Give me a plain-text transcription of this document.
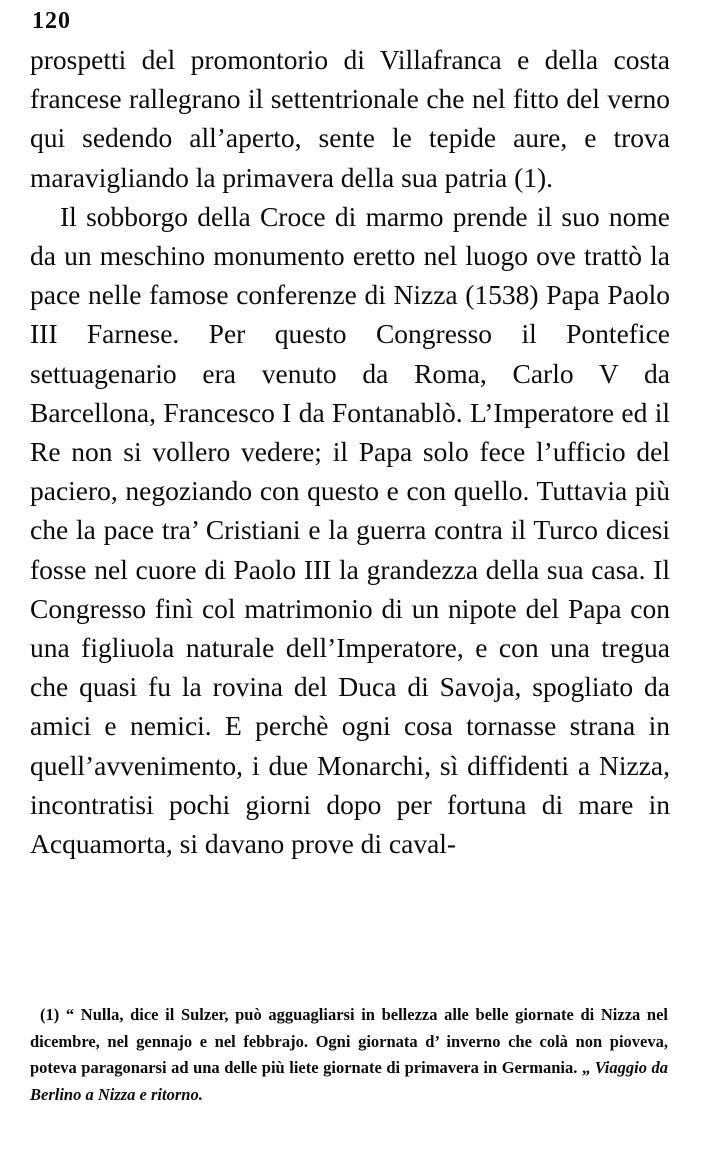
120

prospetti del promontorio di Villafranca e della costa francese rallegrano il settentrionale che nel fitto del verno qui sedendo all’aperto, sente le tepide aure, e trova maravigliando la primavera della sua patria (1).

Il sobborgo della Croce di marmo prende il suo nome da un meschino monumento eretto nel luogo ove trattò la pace nelle famose conferenze di Nizza (1538) Papa Paolo III Farnese. Per questo Congresso il Pontefice settuagenario era venuto da Roma, Carlo V da Barcellona, Francesco I da Fontanablò. L’Imperatore ed il Re non si vollero vedere; il Papa solo fece l’ufficio del paciero, negoziando con questo e con quello. Tuttavia più che la pace tra’ Cristiani e la guerra contra il Turco dicesi fosse nel cuore di Paolo III la grandezza della sua casa. Il Congresso finì col matrimonio di un nipote del Papa con una figliuola naturale dell’Imperatore, e con una tregua che quasi fu la rovina del Duca di Savoja, spogliato da amici e nemici. E perchè ogni cosa tornasse strana in quell’avvenimento, i due Monarchi, sì diffidenti a Nizza, incontratisi pochi giorni dopo per fortuna di mare in Acquamorta, si davano prove di caval-

(1) “ Nulla, dice il Sulzer, può agguagliarsi in bellezza alle belle giornate di Nizza nel dicembre, nel gennajo e nel febbrajo. Ogni giornata d’ inverno che colà non pioveva, poteva paragonarsi ad una delle più liete giornate di primavera in Germania. „ Viaggio da Berlino a Nizza e ritorno.
